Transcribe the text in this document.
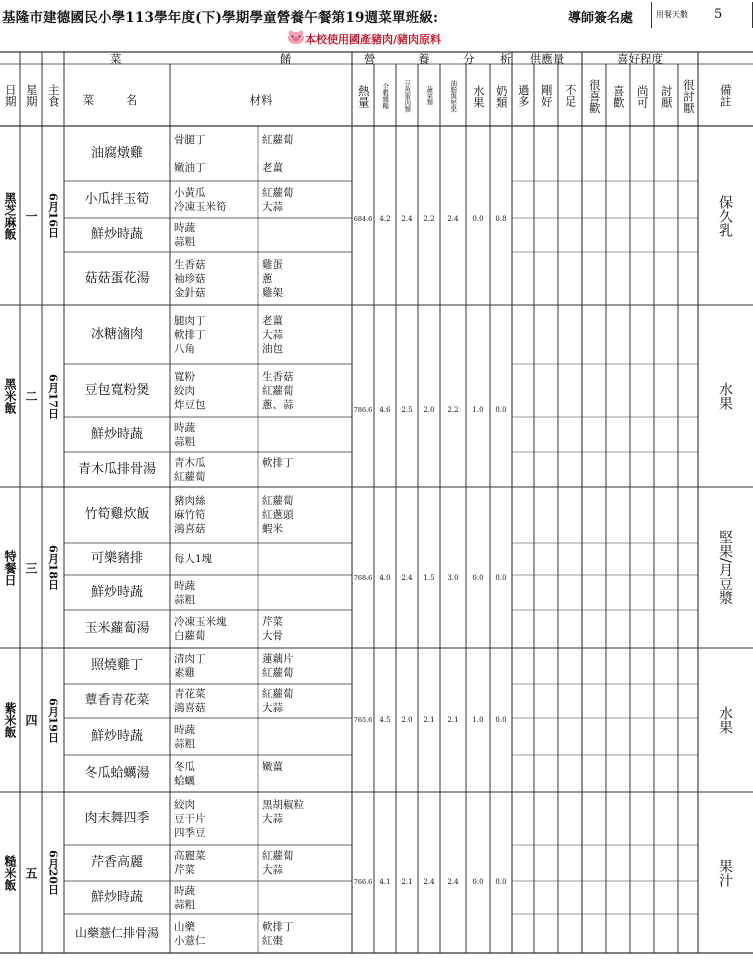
基隆市建德國民小學113學年度(下)學期學童營養午餐第19週菜單班級:	導師簽名處	用餐天數 5
本校使用國產豬肉/豬肉原料
日期 星期 主食
菜	餚
菜 名	材料
營	養	分 析	供應量	喜好程度
備註
熱量	全穀雜糧	豆魚蛋肉類	蔬菜類	油脂與堅果	水果 奶類 過多 剛好 不足 很喜歡 喜歡 尚可 討厭 很討厭
黑芝麻飯 一 6月16日	保久乳
684.6	4.2	2.4	2.2	2.4	0.0	0.8
油腐燉雞
骨腿丁	紅蘿蔔
嫩油丁	老薑
小瓜拌玉筍	小黃瓜	紅蘿蔔
冷凍玉米筍	大蒜
鮮炒時蔬	時蔬
蒜粗
菇菇蛋花湯
生香菇	雞蛋
袖珍菇	蔥
金針菇	雞架
黑米飯 二 6月17日	水果
786.6	4.6	2.5	2.0	2.2	1.0	0.0
冰糖滷肉
腿肉丁	老薑
軟排丁	大蒜
八角	油包
豆包寬粉煲
寬粉	生香菇
絞肉	紅蘿蔔
炸豆包	蔥、蒜
鮮炒時蔬	時蔬
蒜粗
青木瓜排骨湯	青木瓜	軟排丁
紅蘿蔔
特餐日 三 6月18日	堅果/月豆漿
768.6	4.0	2.4	1.5	3.0	0.0	0.0
竹筍雞炊飯
豬肉絲	紅蘿蔔
麻竹筍	紅蔥頭
鴻喜菇	蝦米
可樂豬排	每人1塊
鮮炒時蔬	時蔬
蒜粗
玉米蘿蔔湯	冷凍玉米塊	芹菜
白蘿蔔	大骨
紫米飯 四 6月19日	水果
765.6	4.5	2.0	2.1	2.1	1.0	0.0
照燒雞丁	清肉丁	蓮藕片
素雞	紅蘿蔔
蕈香青花菜	青花菜	紅蘿蔔
鴻喜菇	大蒜
鮮炒時蔬	時蔬
蒜粗
冬瓜蛤蠣湯	冬瓜	嫩薑
蛤蠣
糙米飯 五 6月20日	果汁
766.6	4.1	2.1	2.4	2.4	0.0	0.0
肉末舞四季
絞肉	黑胡椒粒
豆干片	大蒜
四季豆
芹香高麗	高麗菜	紅蘿蔔
芹菜	大蒜
鮮炒時蔬	時蔬
蒜粗
山藥薏仁排骨湯	山藥	軟排丁
小薏仁	紅棗
